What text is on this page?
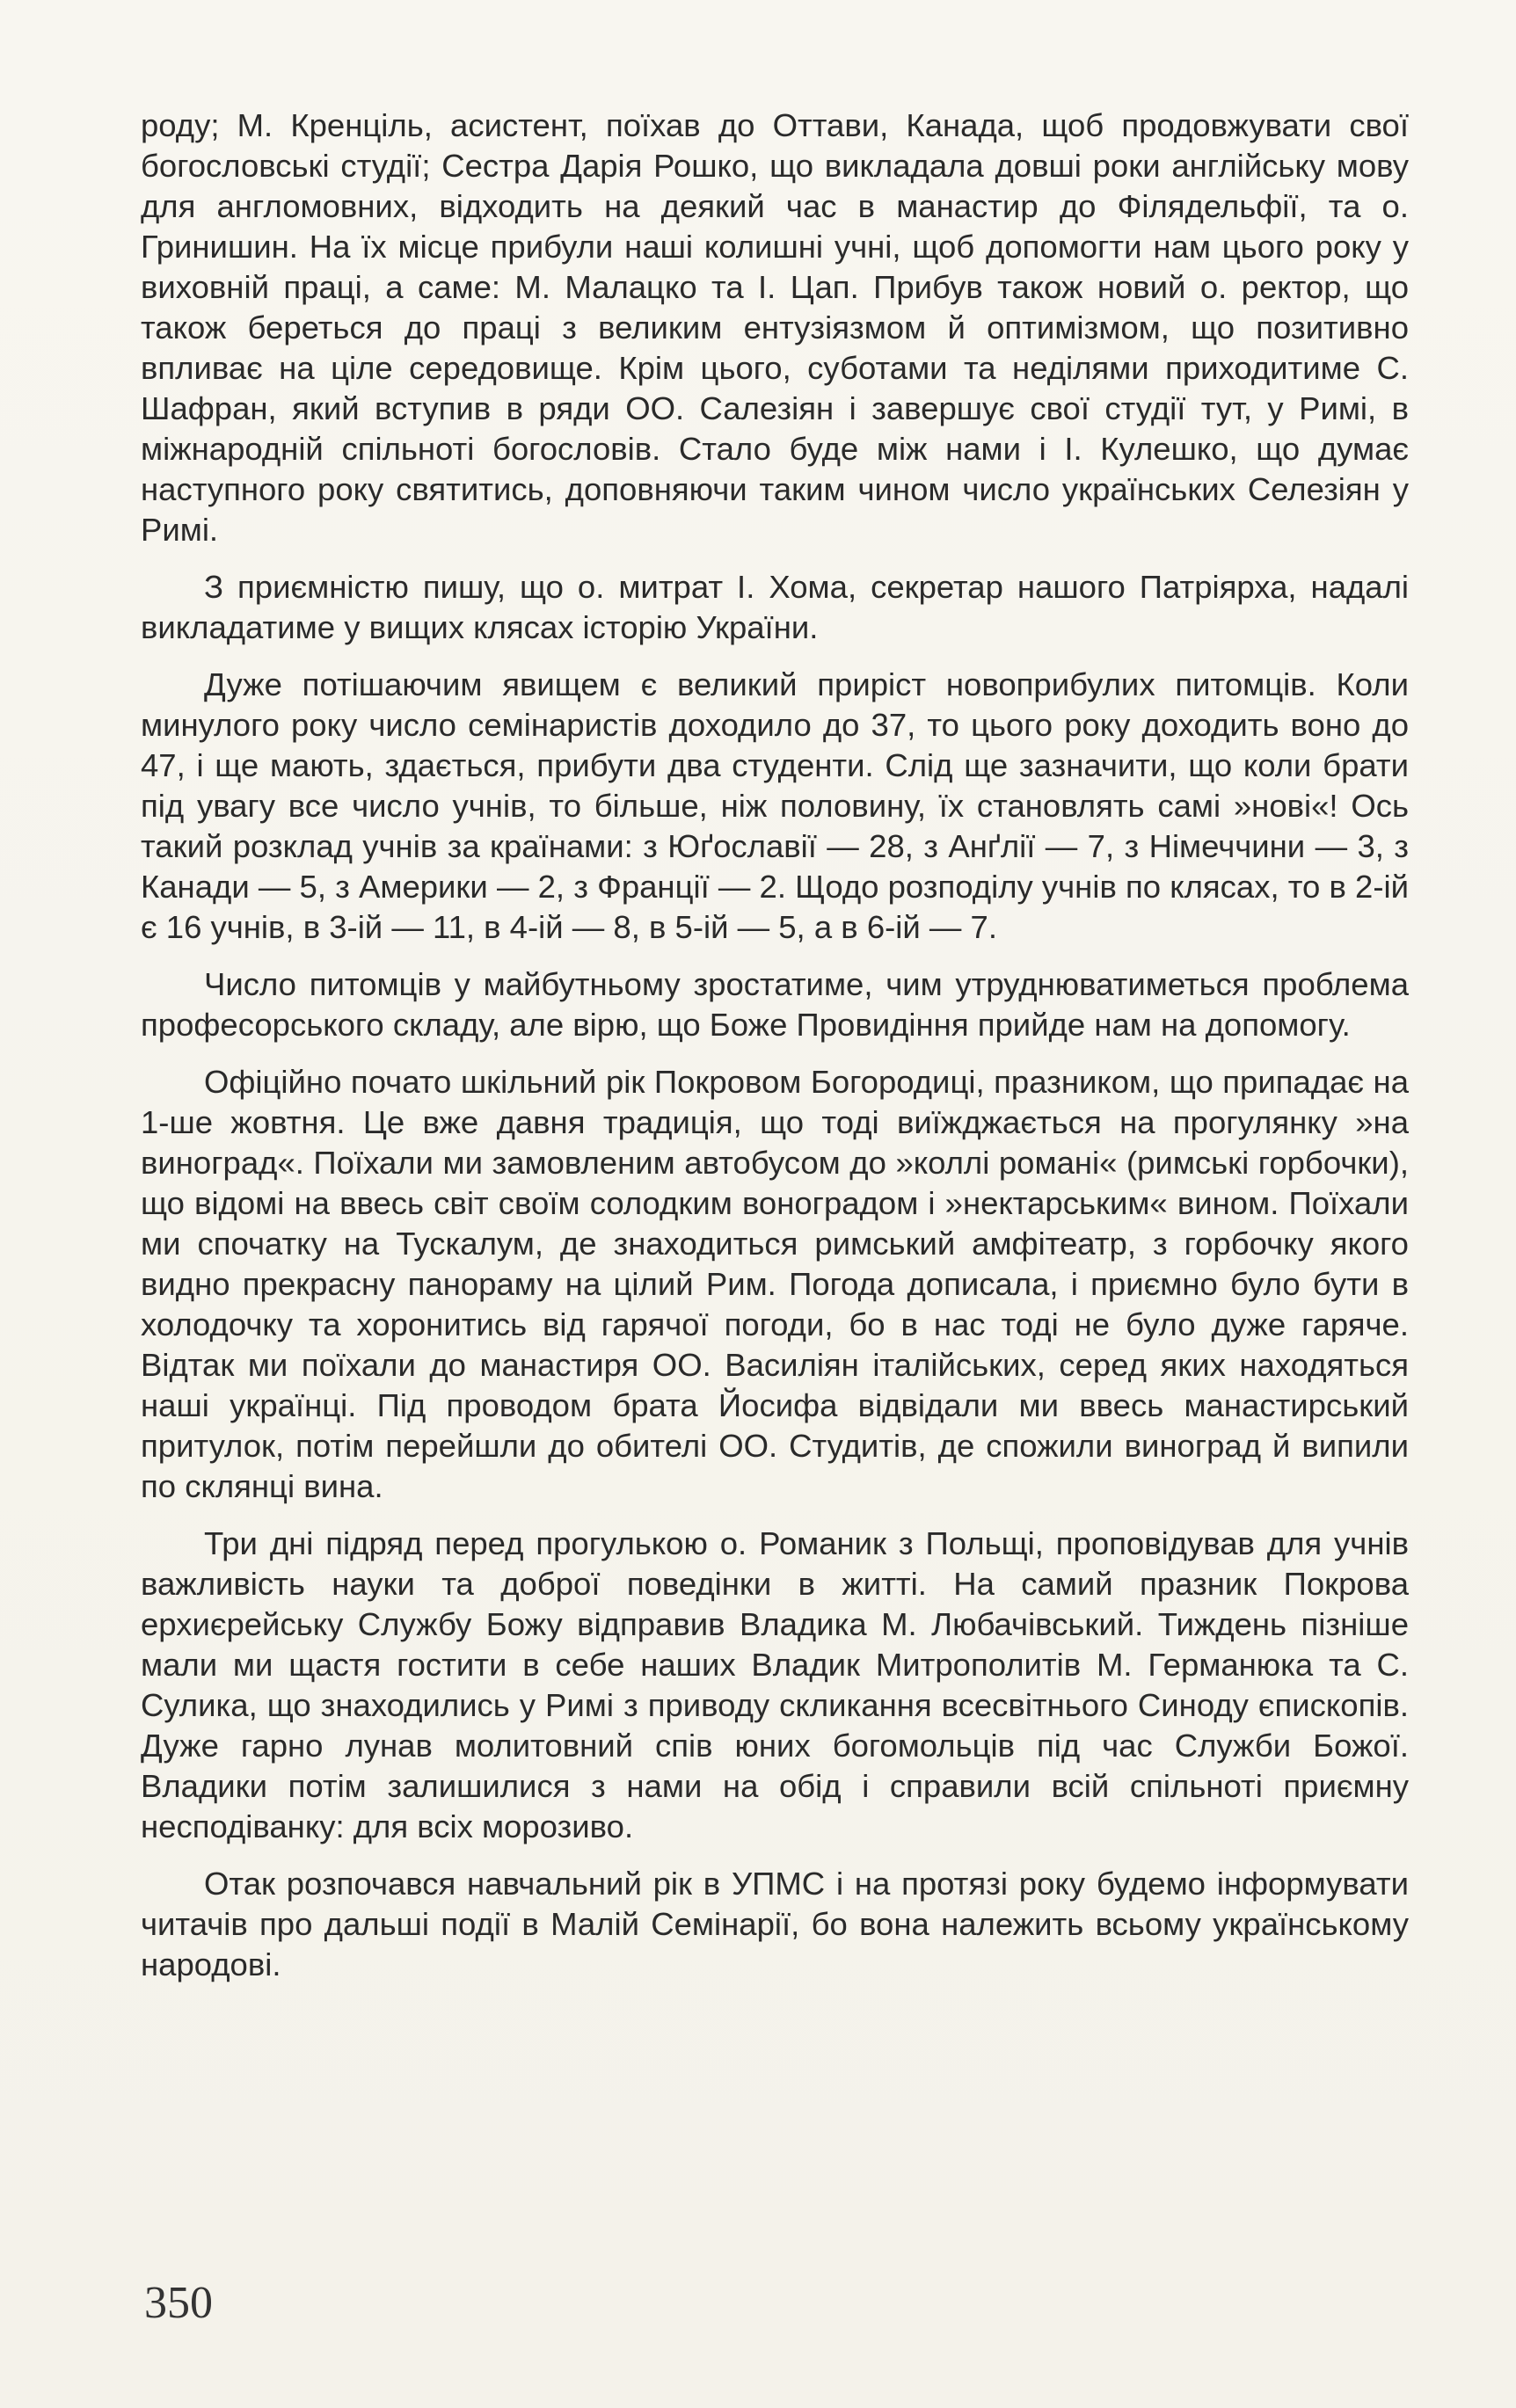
роду; М. Кренціль, асистент, поїхав до Оттави, Канада, щоб продовжувати свої богословські студії; Сестра Дарія Рошко, що викладала довші роки англійську мову для англомовних, відходить на деякий час в манастир до Філядельфії, та о. Гринишин. На їх місце прибули наші колишні учні, щоб допомогти нам цього року у виховній праці, а саме: М. Малацко та І. Цап. Прибув також новий о. ректор, що також береться до праці з великим ентузіязмом й оптимізмом, що позитивно впливає на ціле середовище. Крім цього, суботами та неділями приходитиме С. Шафран, який вступив в ряди ОО. Салезіян і завершує свої студії тут, у Римі, в міжнародній спільноті богословів. Стало буде між нами і І. Кулешко, що думає наступного року святитись, доповняючи таким чином число українських Селезіян у Римі.

З приємністю пишу, що о. митрат І. Хома, секретар нашого Патріярха, надалі викладатиме у вищих клясах історію України.

Дуже потішаючим явищем є великий приріст новоприбулих питомців. Коли минулого року число семінаристів доходило до 37, то цього року доходить воно до 47, і ще мають, здається, прибути два студенти. Слід ще зазначити, що коли брати під увагу все число учнів, то більше, ніж половину, їх становлять самі »нові«! Ось такий розклад учнів за країнами: з Юґославії — 28, з Анґлії — 7, з Німеччини — 3, з Канади — 5, з Америки — 2, з Франції — 2. Щодо розподілу учнів по клясах, то в 2-ій є 16 учнів, в 3-ій — 11, в 4-ій — 8, в 5-ій — 5, а в 6-ій — 7.

Число питомців у майбутньому зростатиме, чим утруднюватиметься проблема професорського складу, але вірю, що Боже Провидіння прийде нам на допомогу.

Офіційно почато шкільний рік Покровом Богородиці, празником, що припадає на 1-ше жовтня. Це вже давня традиція, що тоді виїжджається на прогулянку »на виноград«. Поїхали ми замовленим автобусом до »коллі романі« (римські горбочки), що відомі на ввесь світ своїм солодким вонoградом і »нектарським« вином. Поїхали ми спочатку на Тускалум, де знаходиться римський амфітеатр, з горбочку якого видно прекрасну панораму на цілий Рим. Погода дописала, і приємно було бути в холодочку та хоронитись від гарячої погоди, бо в нас тоді не було дуже гаряче. Відтак ми поїхали до манастиря ОО. Василіян італійських, серед яких находяться наші українці. Під проводом брата Йосифа відвідали ми ввесь манастирський притулок, потім перейшли до обителі ОО. Студитів, де спожили виноград й випили по склянці вина.

Три дні підряд перед прогулькою о. Романик з Польщі, проповідував для учнів важливість науки та доброї поведінки в житті. На самий празник Покрова ерхиєрейську Службу Божу відправив Владика М. Любачівський. Тиждень пізніше мали ми щастя гостити в себе наших Владик Митрополитів М. Германюка та С. Сулика, що знаходились у Римі з приводу скликання всесвітнього Синоду єпископів. Дуже гарно лунав молитовний спів юних богомольців під час Служби Божої. Владики потім залишилися з нами на обід і справили всій спільноті приємну несподіванку: для всіх морозиво.

Отак розпочався навчальний рік в УПМС і на протязі року будемо інформувати читачів про дальші події в Малій Семінарії, бо вона належить всьому українському народові.

350
